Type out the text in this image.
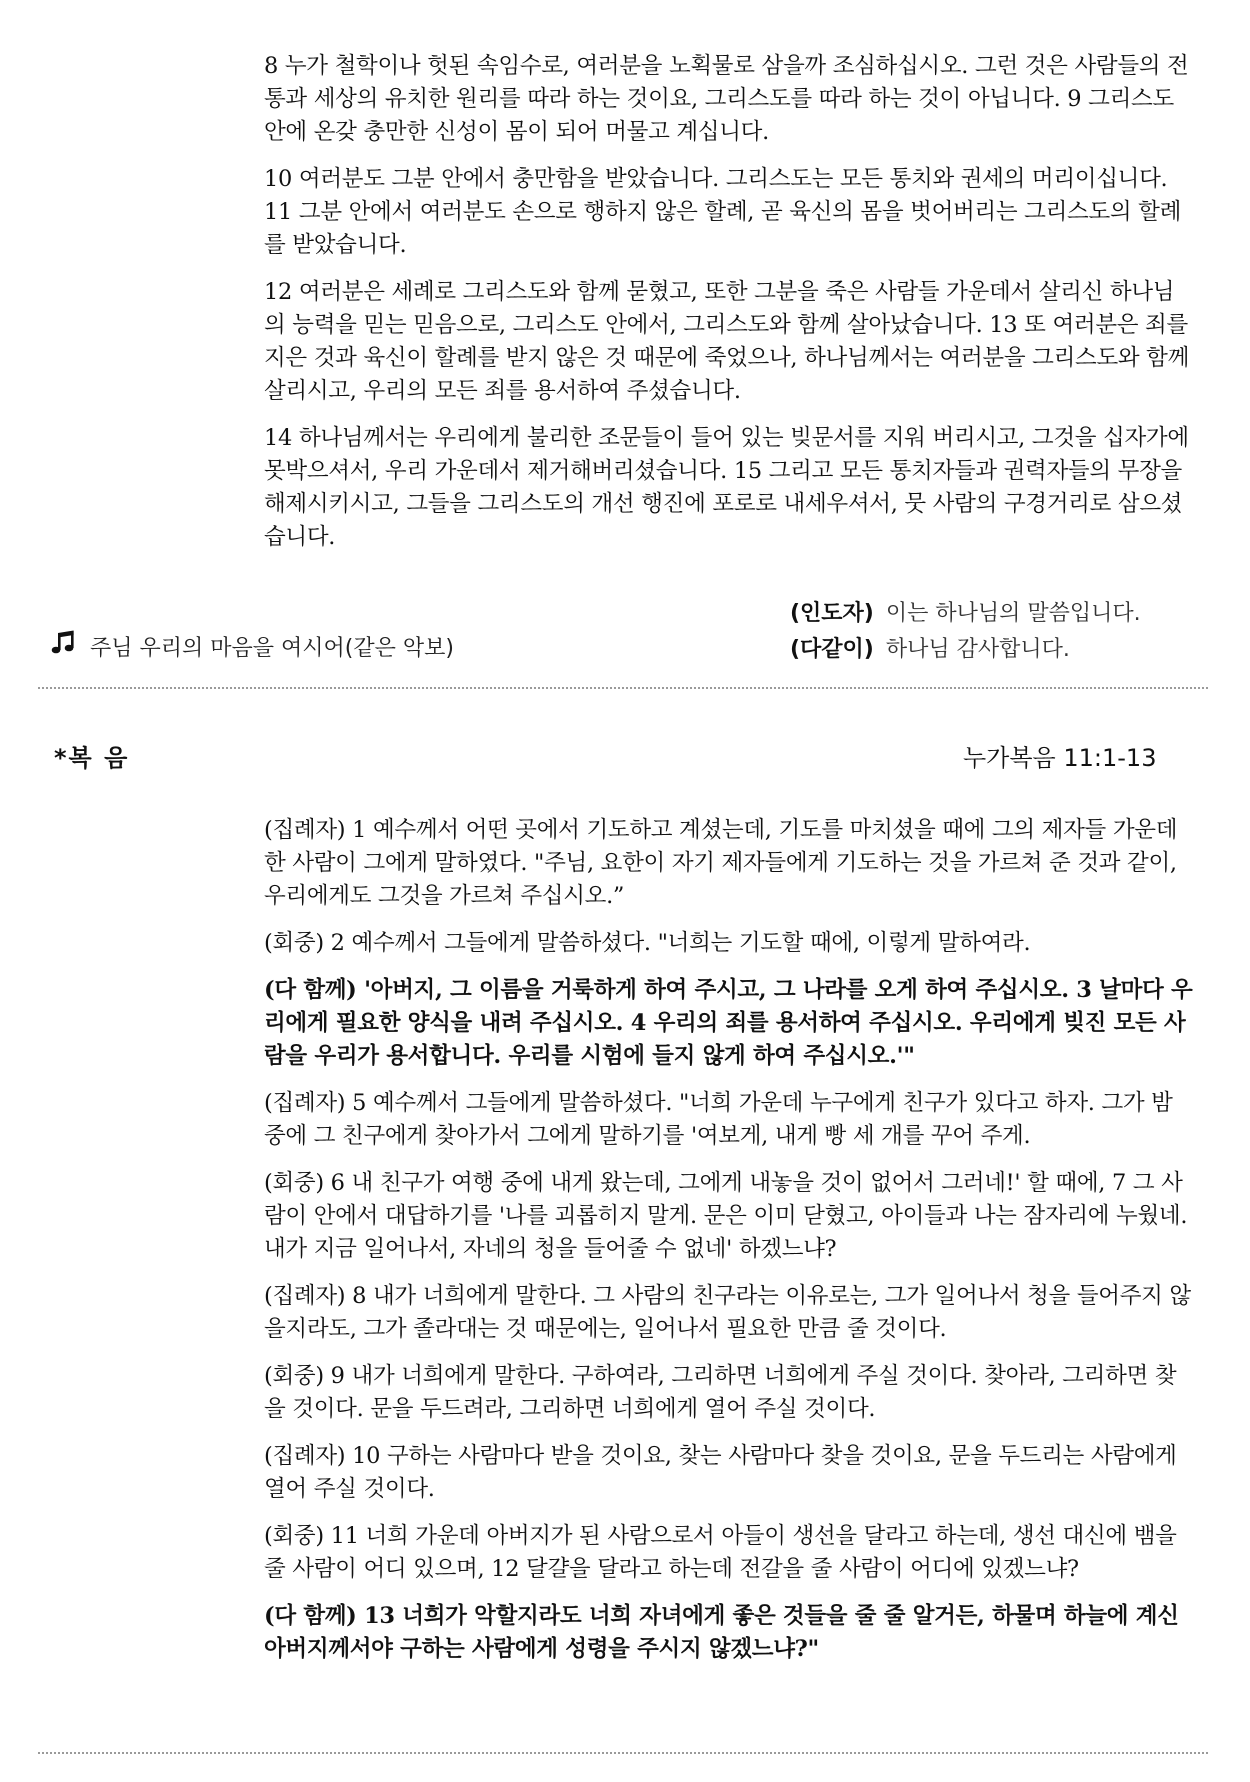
8 누가 철학이나 헛된 속임수로, 여러분을 노획물로 삼을까 조심하십시오. 그런 것은 사람들의 전통과 세상의 유치한 원리를 따라 하는 것이요, 그리스도를 따라 하는 것이 아닙니다. 9 그리스도 안에 온갖 충만한 신성이 몸이 되어 머물고 계십니다.

10 여러분도 그분 안에서 충만함을 받았습니다. 그리스도는 모든 통치와 권세의 머리이십니다. 11 그분 안에서 여러분도 손으로 행하지 않은 할례, 곧 육신의 몸을 벗어버리는 그리스도의 할례를 받았습니다.

12 여러분은 세례로 그리스도와 함께 묻혔고, 또한 그분을 죽은 사람들 가운데서 살리신 하나님의 능력을 믿는 믿음으로, 그리스도 안에서, 그리스도와 함께 살아났습니다. 13 또 여러분은 죄를 지은 것과 육신이 할례를 받지 않은 것 때문에 죽었으나, 하나님께서는 여러분을 그리스도와 함께 살리시고, 우리의 모든 죄를 용서하여 주셨습니다.

14 하나님께서는 우리에게 불리한 조문들이 들어 있는 빚문서를 지워 버리시고, 그것을 십자가에 못박으셔서, 우리 가운데서 제거해버리셨습니다. 15 그리고 모든 통치자들과 권력자들의 무장을 해제시키시고, 그들을 그리스도의 개선 행진에 포로로 내세우셔서, 뭇 사람의 구경거리로 삼으셨습니다.

(인도자) 이는 하나님의 말씀입니다.
(다같이) 하나님 감사합니다.
주님 우리의 마음을 여시어(같은 악보)
*복 음	누가복음 11:1-13

(집례자) 1 예수께서 어떤 곳에서 기도하고 계셨는데, 기도를 마치셨을 때에 그의 제자들 가운데 한 사람이 그에게 말하였다. "주님, 요한이 자기 제자들에게 기도하는 것을 가르쳐 준 것과 같이, 우리에게도 그것을 가르쳐 주십시오.”

(회중) 2 예수께서 그들에게 말씀하셨다. "너희는 기도할 때에, 이렇게 말하여라.

(다 함께) '아버지, 그 이름을 거룩하게 하여 주시고, 그 나라를 오게 하여 주십시오. 3 날마다 우리에게 필요한 양식을 내려 주십시오. 4 우리의 죄를 용서하여 주십시오. 우리에게 빚진 모든 사람을 우리가 용서합니다. 우리를 시험에 들지 않게 하여 주십시오.'"

(집례자) 5 예수께서 그들에게 말씀하셨다. "너희 가운데 누구에게 친구가 있다고 하자. 그가 밤중에 그 친구에게 찾아가서 그에게 말하기를 '여보게, 내게 빵 세 개를 꾸어 주게.

(회중) 6 내 친구가 여행 중에 내게 왔는데, 그에게 내놓을 것이 없어서 그러네!' 할 때에, 7 그 사람이 안에서 대답하기를 '나를 괴롭히지 말게. 문은 이미 닫혔고, 아이들과 나는 잠자리에 누웠네. 내가 지금 일어나서, 자네의 청을 들어줄 수 없네' 하겠느냐?

(집례자) 8 내가 너희에게 말한다. 그 사람의 친구라는 이유로는, 그가 일어나서 청을 들어주지 않을지라도, 그가 졸라대는 것 때문에는, 일어나서 필요한 만큼 줄 것이다.

(회중) 9 내가 너희에게 말한다. 구하여라, 그리하면 너희에게 주실 것이다. 찾아라, 그리하면 찾을 것이다. 문을 두드려라, 그리하면 너희에게 열어 주실 것이다.

(집례자) 10 구하는 사람마다 받을 것이요, 찾는 사람마다 찾을 것이요, 문을 두드리는 사람에게 열어 주실 것이다.

(회중) 11 너희 가운데 아버지가 된 사람으로서 아들이 생선을 달라고 하는데, 생선 대신에 뱀을 줄 사람이 어디 있으며, 12 달걀을 달라고 하는데 전갈을 줄 사람이 어디에 있겠느냐?

(다 함께) 13 너희가 악할지라도 너희 자녀에게 좋은 것들을 줄 줄 알거든, 하물며 하늘에 계신 아버지께서야 구하는 사람에게 성령을 주시지 않겠느냐?"
